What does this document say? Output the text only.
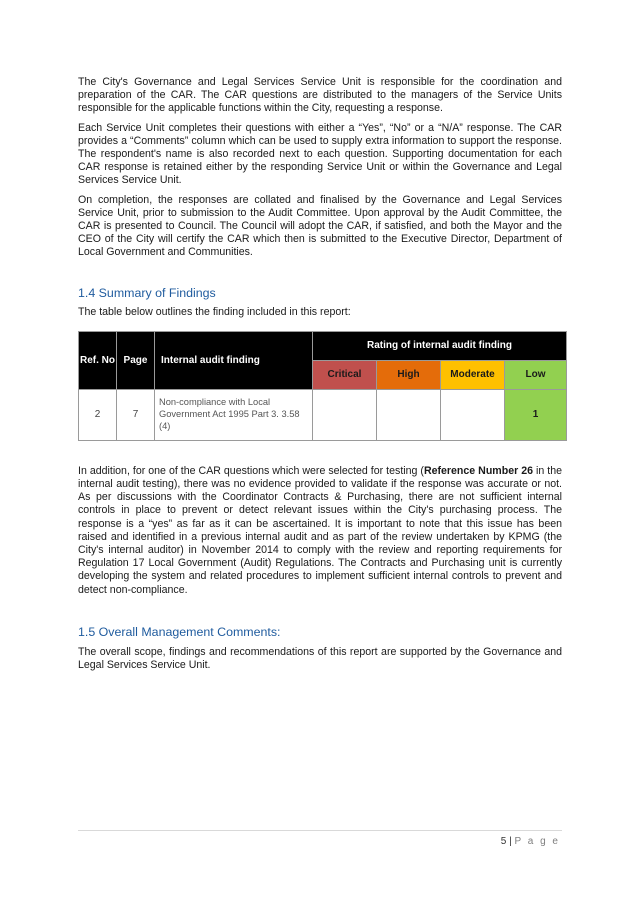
The City's Governance and Legal Services Service Unit is responsible for the coordination and preparation of the CAR. The CAR questions are distributed to the managers of the Service Units responsible for the applicable functions within the City, requesting a response.

Each Service Unit completes their questions with either a “Yes”, “No” or a “N/A” response. The CAR provides a “Comments” column which can be used to supply extra information to support the response. The respondent's name is also recorded next to each question. Supporting documentation for each CAR response is retained either by the responding Service Unit or within the Governance and Legal Services Service Unit.

On completion, the responses are collated and finalised by the Governance and Legal Services Service Unit, prior to submission to the Audit Committee. Upon approval by the Audit Committee, the CAR is presented to Council. The Council will adopt the CAR, if satisfied, and both the Mayor and the CEO of the City will certify the CAR which then is submitted to the Executive Director, Department of Local Government and Communities.

1.4 Summary of Findings

The table below outlines the finding included in this report:

Ref. No	Page	Internal audit finding	Rating of internal audit finding			
			Critical	High	Moderate	Low
2	7	Non-compliance with Local Government Act 1995 Part 3. 3.58 (4)				1

In addition, for one of the CAR questions which were selected for testing (Reference Number 26 in the internal audit testing), there was no evidence provided to validate if the response was accurate or not. As per discussions with the Coordinator Contracts & Purchasing, there are not sufficient internal controls in place to prevent or detect relevant issues within the City's purchasing process. The response is a “yes” as far as it can be ascertained. It is important to note that this issue has been raised and identified in a previous internal audit and as part of the review undertaken by KPMG (the City's internal auditor) in November 2014 to comply with the review and reporting requirements for Regulation 17 Local Government (Audit) Regulations. The Contracts and Purchasing unit is currently developing the system and related procedures to implement sufficient internal controls to prevent and detect non-compliance.

1.5 Overall Management Comments:

The overall scope, findings and recommendations of this report are supported by the Governance and Legal Services Service Unit.

5 | P a g e
